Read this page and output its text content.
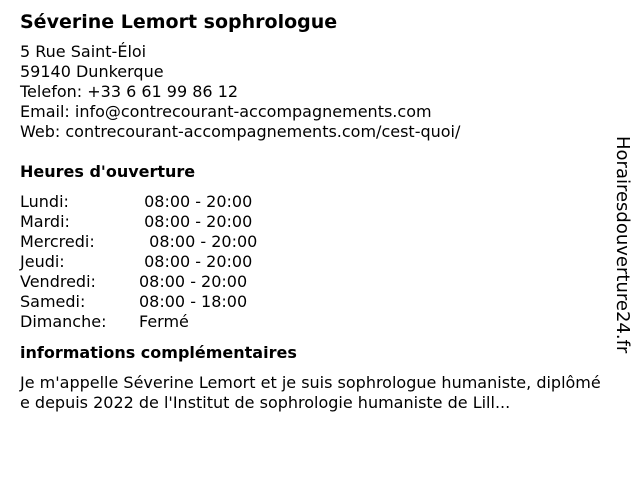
Séverine Lemort sophrologue
5 Rue Saint-Éloi
59140 Dunkerque
Telefon: +33 6 61 99 86 12
Email: info@contrecourant-accompagnements.com
Web: contrecourant-accompagnements.com/cest-quoi/
Heures d'ouverture
Lundi:	08:00 - 20:00
Mardi:	08:00 - 20:00
Mercredi:	08:00 - 20:00
Jeudi:	08:00 - 20:00
Vendredi:	08:00 - 20:00
Samedi:	08:00 - 18:00
Dimanche:	Fermé
informations complémentaires
Je m'appelle Séverine Lemort et je suis sophrologue humaniste, diplômée depuis 2022 de l'Institut de sophrologie humaniste de Lill...
Horairesdouverture24.fr
